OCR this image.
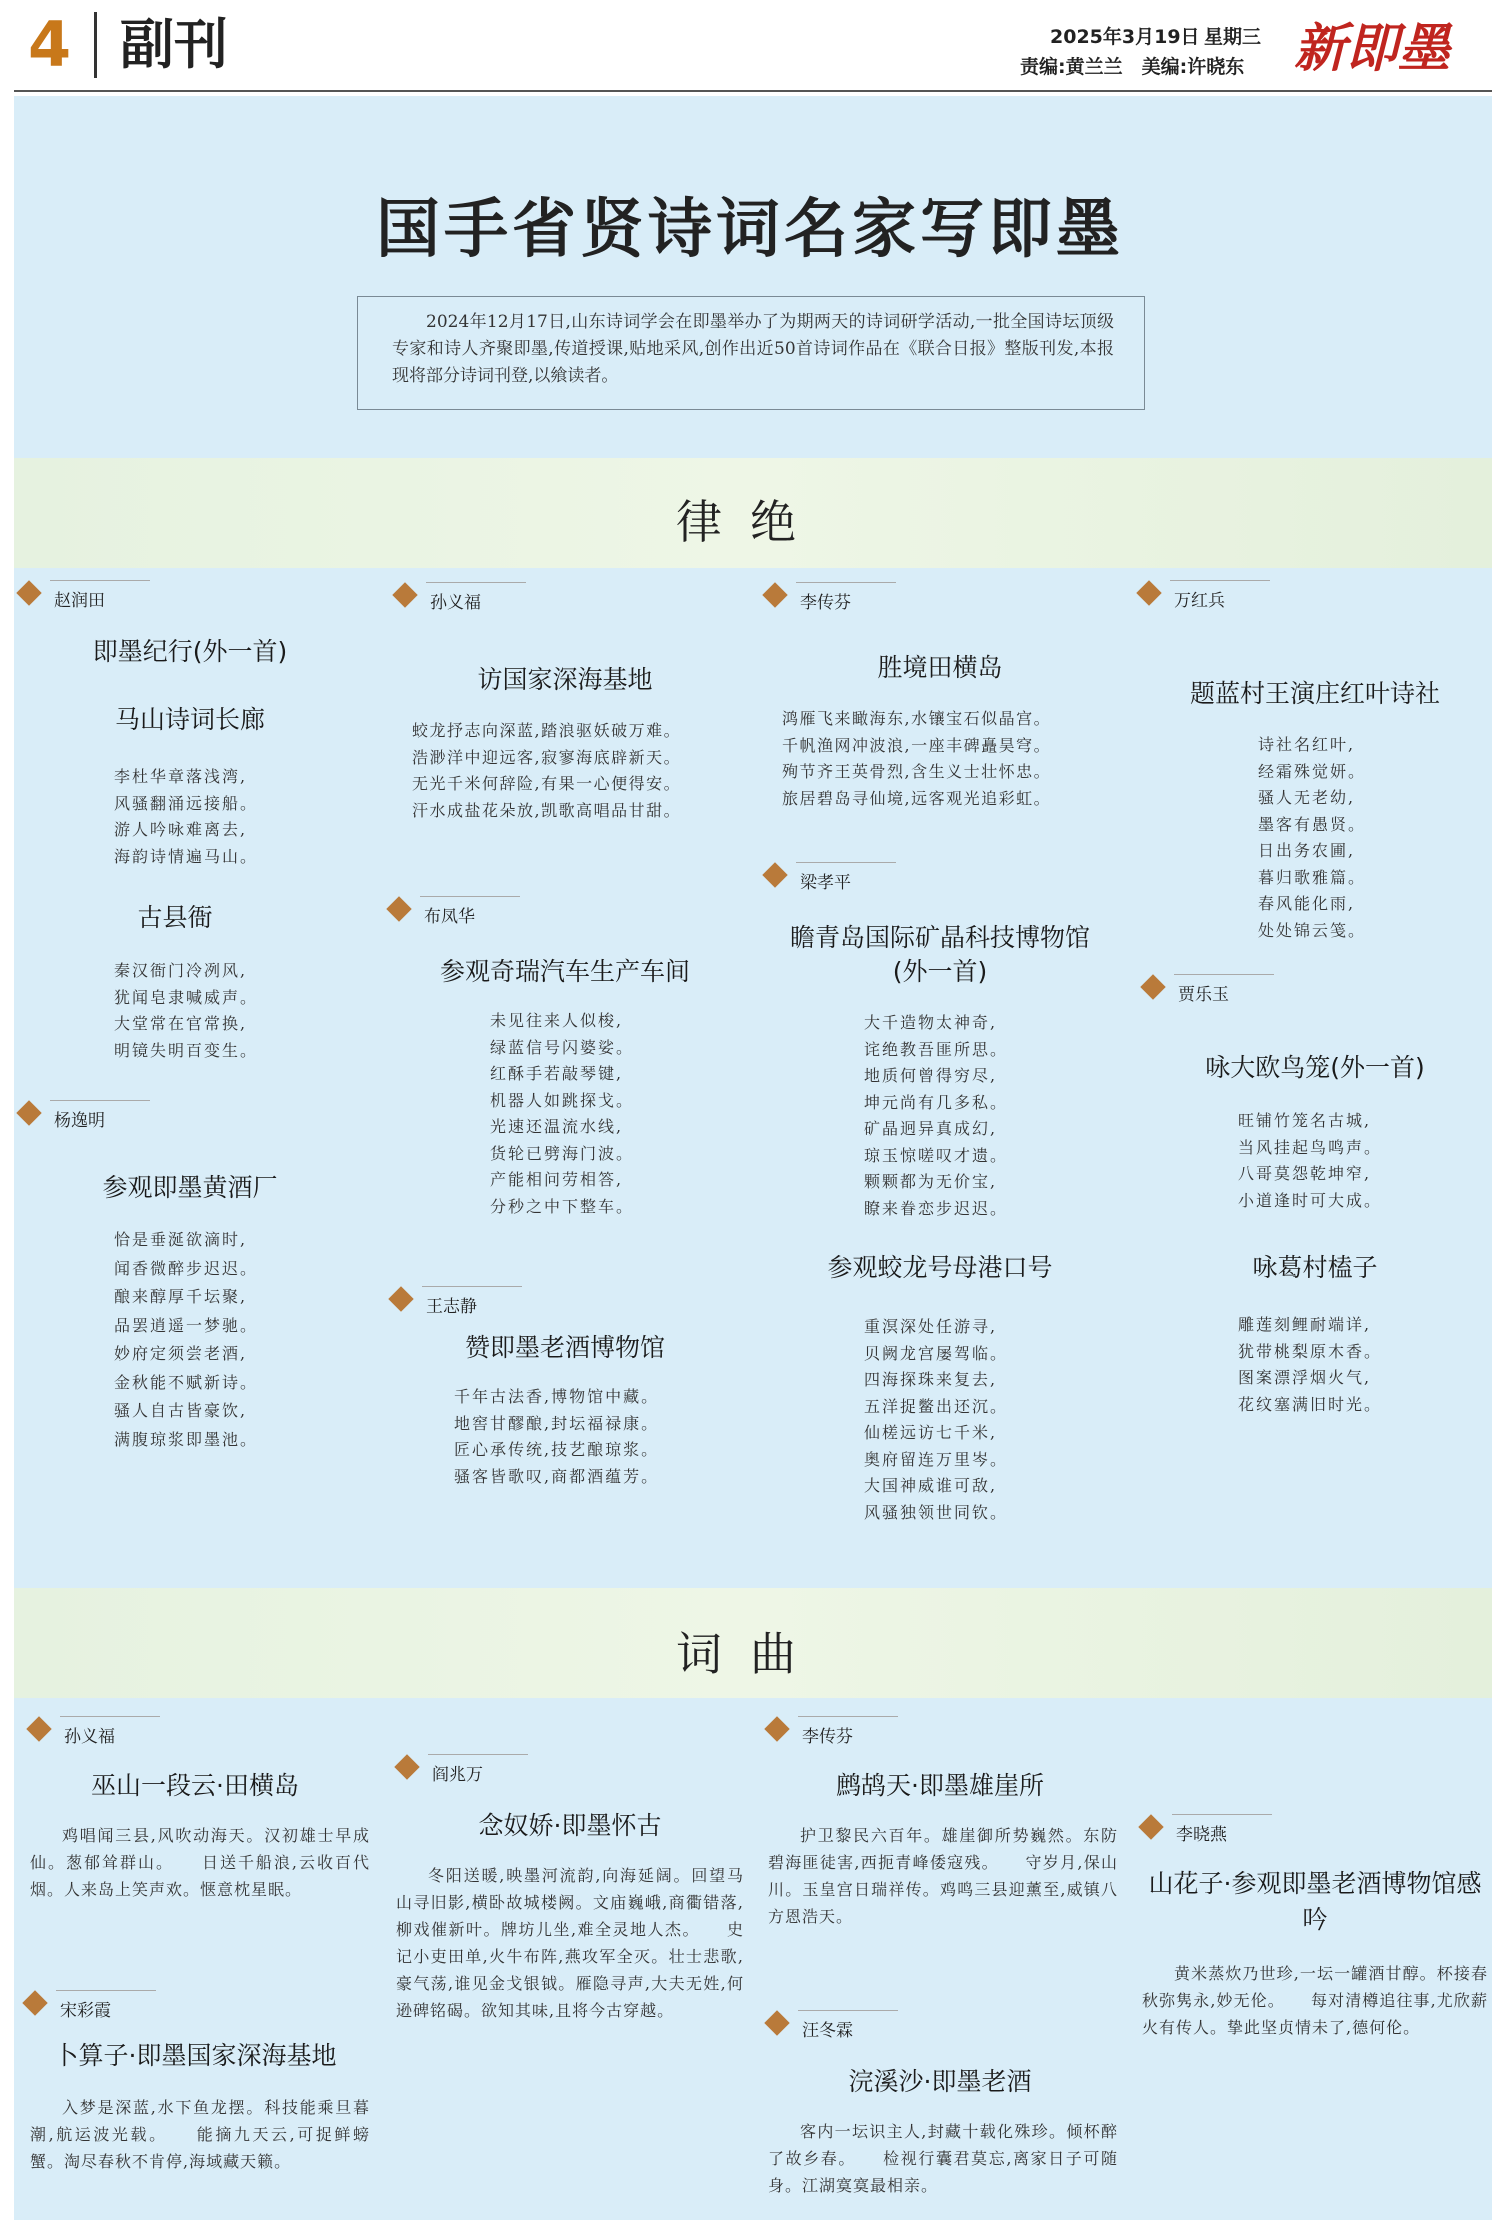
4 副刊	2025年3月19日 星期三
责编:黄兰兰　美编:许晓东 新即墨
国手省贤诗词名家写即墨
2024年12月17日,山东诗词学会在即墨举办了为期两天的诗词研学活动,一批全国诗坛顶级专家和诗人齐聚即墨,传道授课,贴地采风,创作出近50首诗词作品在《联合日报》整版刊发,本报现将部分诗词刊登,以飨读者。
律绝
赵润田
即墨纪行(外一首)
马山诗词长廊
李杜华章落浅湾,
风骚翻涌远接船。
游人吟咏难离去,
海韵诗情遍马山。
古县衙
秦汉衙门冷冽风,
犹闻皂隶喊威声。
大堂常在官常换,
明镜失明百变生。
杨逸明
参观即墨黄酒厂
恰是垂涎欲滴时,
闻香微醉步迟迟。
酿来醇厚千坛聚,
品罢逍遥一梦驰。
妙府定须尝老酒,
金秋能不赋新诗。
骚人自古皆豪饮,
满腹琼浆即墨池。
孙义福
访国家深海基地
蛟龙抒志向深蓝,踏浪驱妖破万难。
浩渺洋中迎远客,寂寥海底辟新天。
无光千米何辞险,有果一心便得安。
汗水成盐花朵放,凯歌高唱品甘甜。
布凤华
参观奇瑞汽车生产车间
未见往来人似梭,
绿蓝信号闪婆娑。
红酥手若敲琴键,
机器人如跳探戈。
光速还温流水线,
货轮已劈海门波。
产能相问劳相答,
分秒之中下整车。
王志静
赞即墨老酒博物馆
千年古法香,博物馆中藏。
地窖甘醪酿,封坛福禄康。
匠心承传统,技艺酿琼浆。
骚客皆歌叹,商都酒蕴芳。
李传芬
胜境田横岛
鸿雁飞来瞰海东,水镶宝石似晶宫。
千帆渔网冲波浪,一座丰碑矗昊穹。
殉节齐王英骨烈,含生义士壮怀忠。
旅居碧岛寻仙境,远客观光追彩虹。
梁孝平
瞻青岛国际矿晶科技博物馆
(外一首)
大千造物太神奇,
诧绝教吾匪所思。
地质何曾得穷尽,
坤元尚有几多私。
矿晶迥异真成幻,
琼玉惊嗟叹才遗。
颗颗都为无价宝,
瞭来眷恋步迟迟。
参观蛟龙号母港口号
重溟深处任游寻,
贝阙龙宫屡驾临。
四海探珠来复去,
五洋捉鳖出还沉。
仙槎远访七千米,
奥府留连万里岑。
大国神威谁可敌,
风骚独领世同钦。
万红兵
题蓝村王演庄红叶诗社
诗社名红叶,
经霜殊觉妍。
骚人无老幼,
墨客有愚贤。
日出务农圃,
暮归歌雅篇。
春风能化雨,
处处锦云笺。
贾乐玉
咏大欧鸟笼(外一首)
旺铺竹笼名古城,
当风挂起鸟鸣声。
八哥莫怨乾坤窄,
小道逢时可大成。
咏葛村榼子
雕莲刻鲤耐端详,
犹带桃梨原木香。
图案漂浮烟火气,
花纹塞满旧时光。
词曲
孙义福
巫山一段云·田横岛
鸡唱闻三县,风吹动海天。汉初雄士早成仙。葱郁耸群山。　　日送千船浪,云收百代烟。人来岛上笑声欢。惬意枕星眠。
宋彩霞
卜算子·即墨国家深海基地
入梦是深蓝,水下鱼龙摆。科技能乘旦暮潮,航运波光载。　　能摘九天云,可捉鲜螃蟹。淘尽春秋不肯停,海域藏天籁。
阎兆万
念奴娇·即墨怀古
冬阳送暖,映墨河流韵,向海延阔。回望马山寻旧影,横卧故城楼阙。文庙巍峨,商衢错落,柳戏催新叶。牌坊儿坐,难全灵地人杰。　　史记小吏田单,火牛布阵,燕攻军全灭。壮士悲歌,豪气荡,谁见金戈银钺。雁隐寻声,大夫无姓,何逊碑铭碣。欲知其味,且将今古穿越。
李传芬
鹧鸪天·即墨雄崖所
护卫黎民六百年。雄崖御所势巍然。东防碧海匪徒害,西扼青峰倭寇残。　　守岁月,保山川。玉皇宫日瑞祥传。鸡鸣三县迎薰至,威镇八方恩浩天。
汪冬霖
浣溪沙·即墨老酒
客内一坛识主人,封藏十载化殊珍。倾杯醉了故乡春。　　检视行囊君莫忘,离家日子可随身。江湖寞寞最相亲。
李晓燕
山花子·参观即墨老酒博物馆感吟
黄米蒸炊乃世珍,一坛一罐酒甘醇。杯接春秋弥隽永,妙无伦。　　每对清樽追往事,尤欣薪火有传人。挚此坚贞情未了,德何伦。
